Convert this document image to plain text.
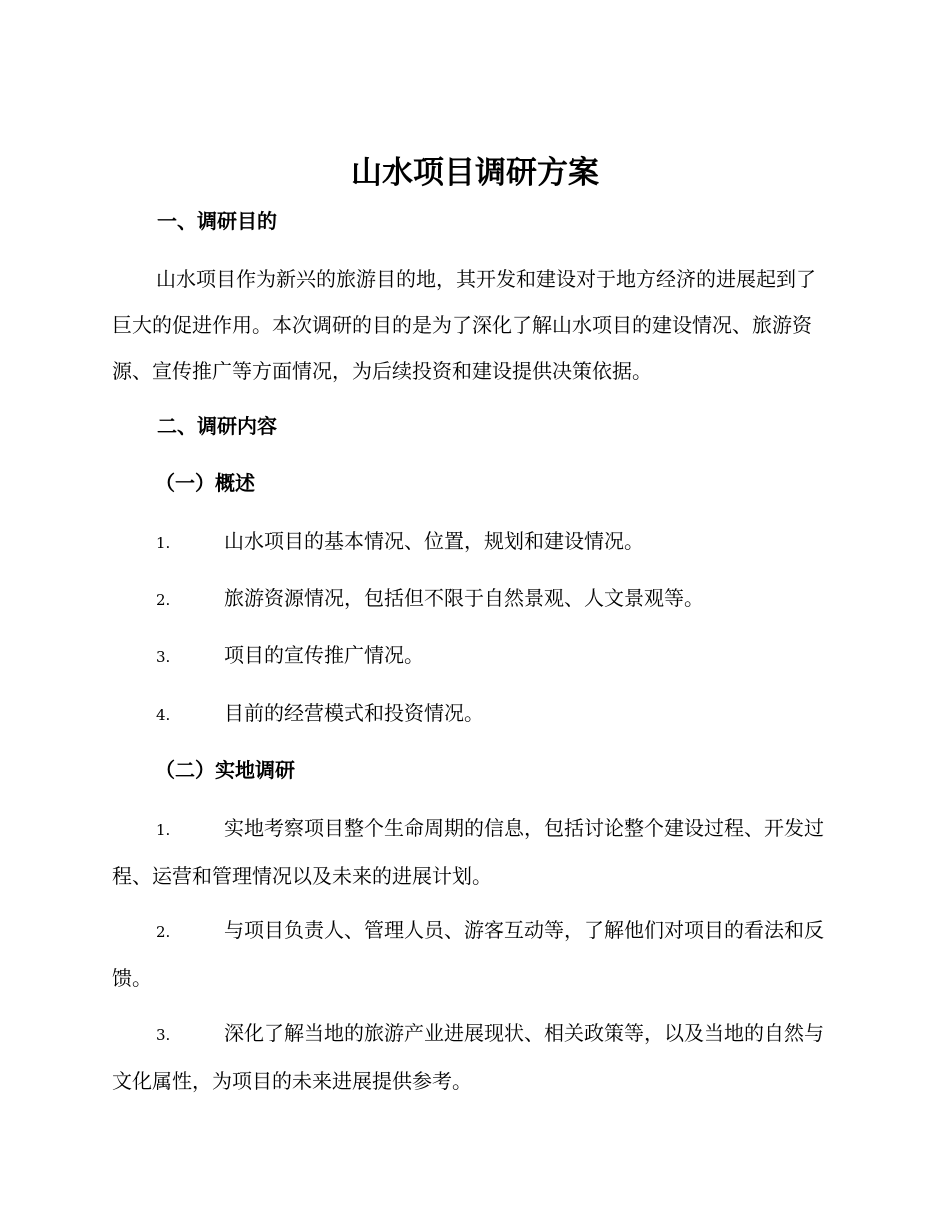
山水项目调研方案
一、调研目的
山水项目作为新兴的旅游目的地，其开发和建设对于地方经济的进展起到了巨大的促进作用。本次调研的目的是为了深化了解山水项目的建设情况、旅游资源、宣传推广等方面情况，为后续投资和建设提供决策依据。
二、调研内容
（一）概述
1.	山水项目的基本情况、位置，规划和建设情况。
2.	旅游资源情况，包括但不限于自然景观、人文景观等。
3.	项目的宣传推广情况。
4.	目前的经营模式和投资情况。
（二）实地调研
1.	实地考察项目整个生命周期的信息，包括讨论整个建设过程、开发过程、运营和管理情况以及未来的进展计划。
2.	与项目负责人、管理人员、游客互动等，了解他们对项目的看法和反馈。
3.	深化了解当地的旅游产业进展现状、相关政策等，以及当地的自然与文化属性，为项目的未来进展提供参考。
